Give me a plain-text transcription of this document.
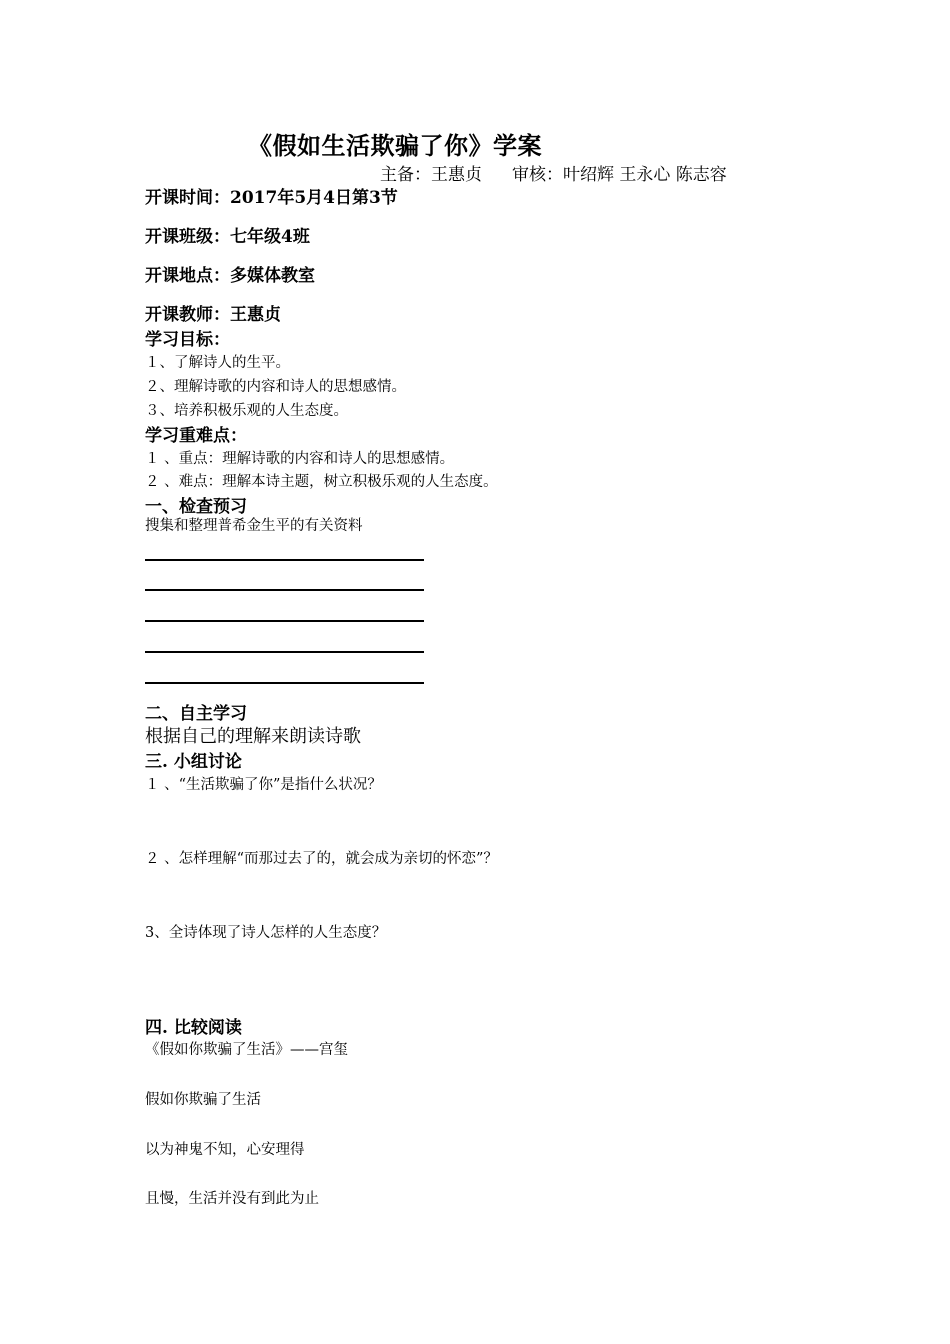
《假如生活欺骗了你》学案
主备：王惠贞 审核：叶绍辉 王永心 陈志容
开课时间：2017年5月4日第3节
开课班级：七年级4班
开课地点：多媒体教室
开课教师：王惠贞
学习目标：
１、了解诗人的生平。
２、理解诗歌的内容和诗人的思想感情。
３、培养积极乐观的人生态度。
学习重难点：
１ 、重点：理解诗歌的内容和诗人的思想感情。
２ 、难点：理解本诗主题，树立积极乐观的人生态度。
一、检查预习
搜集和整理普希金生平的有关资料
二、自主学习
根据自己的理解来朗读诗歌
三. 小组讨论
１ 、“生活欺骗了你”是指什么状况？
２ 、怎样理解“而那过去了的，就会成为亲切的怀恋”？
3、全诗体现了诗人怎样的人生态度？
四. 比较阅读
《假如你欺骗了生活》——宫玺
假如你欺骗了生活
以为神鬼不知，心安理得
且慢，生活并没有到此为止
